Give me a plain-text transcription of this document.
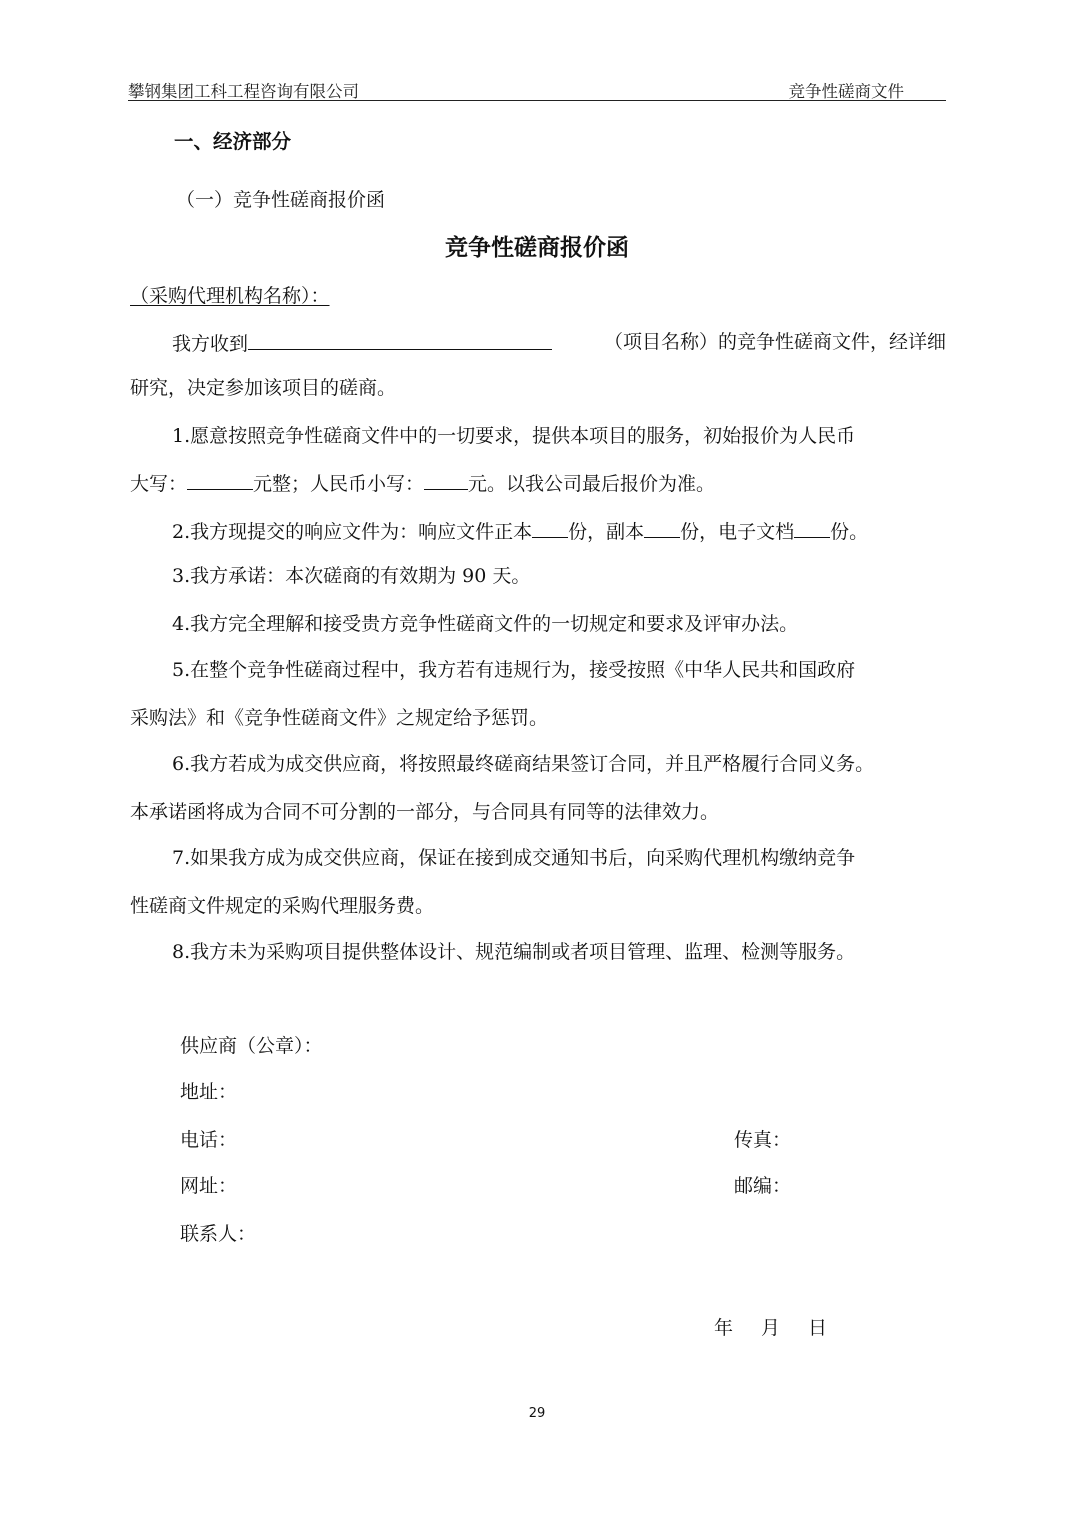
攀钢集团工科工程咨询有限公司	竞争性磋商文件
一、经济部分
（一）竞争性磋商报价函
竞争性磋商报价函
（采购代理机构名称）：
我方收到	（项目名称）的竞争性磋商文件，经详细
研究，决定参加该项目的磋商。
1.愿意按照竞争性磋商文件中的一切要求，提供本项目的服务，初始报价为人民币
大写：	元整；人民币小写： 元。以我公司最后报价为准。
2.我方现提交的响应文件为：响应文件正本 份，副本 份，电子文档 份。
3.我方承诺：本次磋商的有效期为 90 天。
4.我方完全理解和接受贵方竞争性磋商文件的一切规定和要求及评审办法。
5.在整个竞争性磋商过程中，我方若有违规行为，接受按照《中华人民共和国政府
采购法》和《竞争性磋商文件》之规定给予惩罚。
6.我方若成为成交供应商，将按照最终磋商结果签订合同，并且严格履行合同义务。
本承诺函将成为合同不可分割的一部分，与合同具有同等的法律效力。
7.如果我方成为成交供应商，保证在接到成交通知书后，向采购代理机构缴纳竞争
性磋商文件规定的采购代理服务费。
8.我方未为采购项目提供整体设计、规范编制或者项目管理、监理、检测等服务。
供应商（公章）：
地址：
电话：	传真：
网址：	邮编：
联系人：
年 月 日
29
